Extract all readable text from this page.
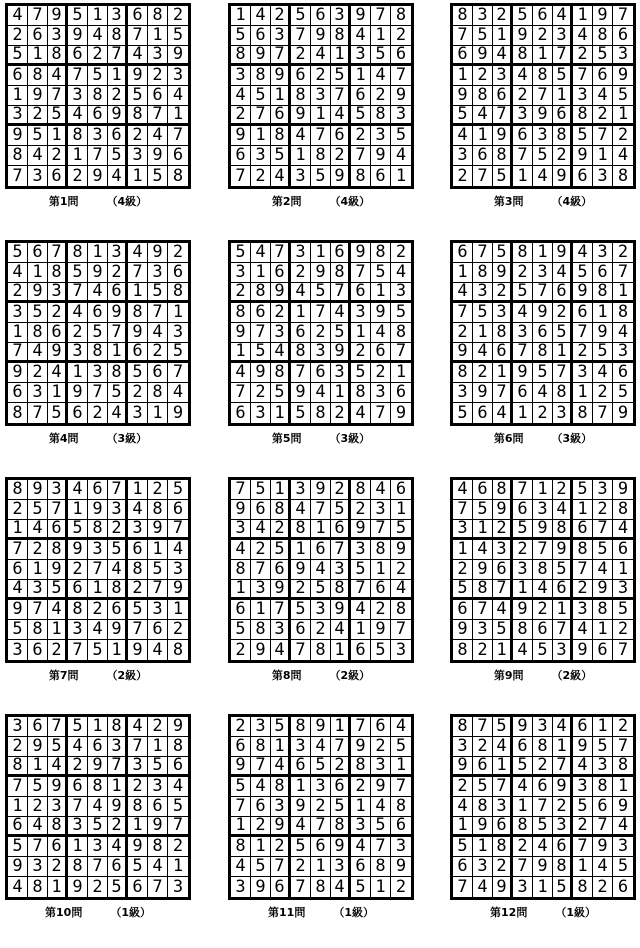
4 7 9 5 1 3 6 8 2
2 6 3 9 4 8 7 1 5
5 1 8 6 2 7 4 3 9
6 8 4 7 5 1 9 2 3
1 9 7 3 8 2 5 6 4
3 2 5 4 6 9 8 7 1
9 5 1 8 3 6 2 4 7
8 4 2 1 7 5 3 9 6
7 3 6 2 9 4 1 5 8
第1問	（4級）
1 4 2 5 6 3 9 7 8
5 6 3 7 9 8 4 1 2
8 9 7 2 4 1 3 5 6
3 8 9 6 2 5 1 4 7
4 5 1 8 3 7 6 2 9
2 7 6 9 1 4 5 8 3
9 1 8 4 7 6 2 3 5
6 3 5 1 8 2 7 9 4
7 2 4 3 5 9 8 6 1
第2問	（4級）
8 3 2 5 6 4 1 9 7
7 5 1 9 2 3 4 8 6
6 9 4 8 1 7 2 5 3
1 2 3 4 8 5 7 6 9
9 8 6 2 7 1 3 4 5
5 4 7 3 9 6 8 2 1
4 1 9 6 3 8 5 7 2
3 6 8 7 5 2 9 1 4
2 7 5 1 4 9 6 3 8
第3問	（4級）
5 6 7 8 1 3 4 9 2
4 1 8 5 9 2 7 3 6
2 9 3 7 4 6 1 5 8
3 5 2 4 6 9 8 7 1
1 8 6 2 5 7 9 4 3
7 4 9 3 8 1 6 2 5
9 2 4 1 3 8 5 6 7
6 3 1 9 7 5 2 8 4
8 7 5 6 2 4 3 1 9
第4問	（3級）
5 4 7 3 1 6 9 8 2
3 1 6 2 9 8 7 5 4
2 8 9 4 5 7 6 1 3
8 6 2 1 7 4 3 9 5
9 7 3 6 2 5 1 4 8
1 5 4 8 3 9 2 6 7
4 9 8 7 6 3 5 2 1
7 2 5 9 4 1 8 3 6
6 3 1 5 8 2 4 7 9
第5問	（3級）
6 7 5 8 1 9 4 3 2
1 8 9 2 3 4 5 6 7
4 3 2 5 7 6 9 8 1
7 5 3 4 9 2 6 1 8
2 1 8 3 6 5 7 9 4
9 4 6 7 8 1 2 5 3
8 2 1 9 5 7 3 4 6
3 9 7 6 4 8 1 2 5
5 6 4 1 2 3 8 7 9
第6問	（3級）
8 9 3 4 6 7 1 2 5
2 5 7 1 9 3 4 8 6
1 4 6 5 8 2 3 9 7
7 2 8 9 3 5 6 1 4
6 1 9 2 7 4 8 5 3
4 3 5 6 1 8 2 7 9
9 7 4 8 2 6 5 3 1
5 8 1 3 4 9 7 6 2
3 6 2 7 5 1 9 4 8
第7問	（2級）
7 5 1 3 9 2 8 4 6
9 6 8 4 7 5 2 3 1
3 4 2 8 1 6 9 7 5
4 2 5 1 6 7 3 8 9
8 7 6 9 4 3 5 1 2
1 3 9 2 5 8 7 6 4
6 1 7 5 3 9 4 2 8
5 8 3 6 2 4 1 9 7
2 9 4 7 8 1 6 5 3
第8問	（2級）
4 6 8 7 1 2 5 3 9
7 5 9 6 3 4 1 2 8
3 1 2 5 9 8 6 7 4
1 4 3 2 7 9 8 5 6
2 9 6 3 8 5 7 4 1
5 8 7 1 4 6 2 9 3
6 7 4 9 2 1 3 8 5
9 3 5 8 6 7 4 1 2
8 2 1 4 5 3 9 6 7
第9問	（2級）
3 6 7 5 1 8 4 2 9
2 9 5 4 6 3 7 1 8
8 1 4 2 9 7 3 5 6
7 5 9 6 8 1 2 3 4
1 2 3 7 4 9 8 6 5
6 4 8 3 5 2 1 9 7
5 7 6 1 3 4 9 8 2
9 3 2 8 7 6 5 4 1
4 8 1 9 2 5 6 7 3
第10問	（1級）
2 3 5 8 9 1 7 6 4
6 8 1 3 4 7 9 2 5
9 7 4 6 5 2 8 3 1
5 4 8 1 3 6 2 9 7
7 6 3 9 2 5 1 4 8
1 2 9 4 7 8 3 5 6
8 1 2 5 6 9 4 7 3
4 5 7 2 1 3 6 8 9
3 9 6 7 8 4 5 1 2
第11問	（1級）
8 7 5 9 3 4 6 1 2
3 2 4 6 8 1 9 5 7
9 6 1 5 2 7 4 3 8
2 5 7 4 6 9 3 8 1
4 8 3 1 7 2 5 6 9
1 9 6 8 5 3 2 7 4
5 1 8 2 4 6 7 9 3
6 3 2 7 9 8 1 4 5
7 4 9 3 1 5 8 2 6
第12問	（1級）
